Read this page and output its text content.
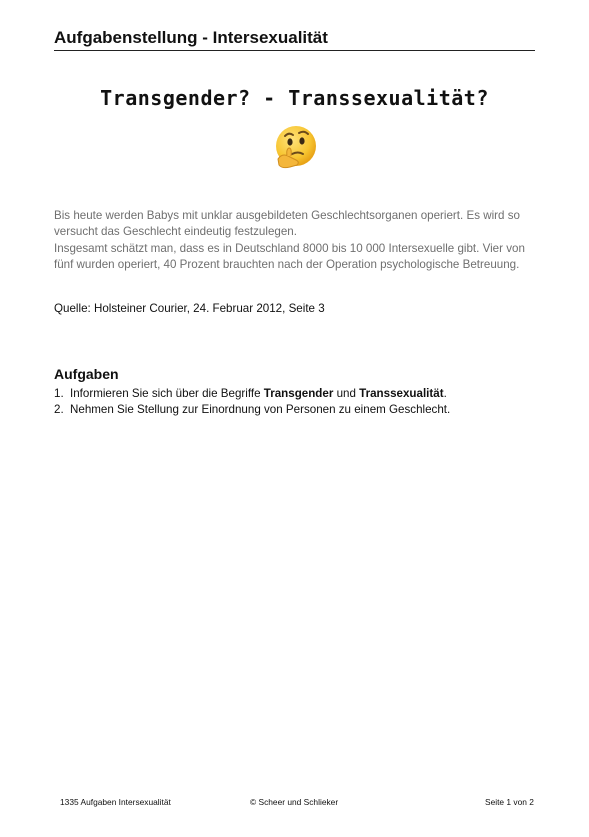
Aufgabenstellung - Intersexualität
Transgender? - Transsexualität?

Bis heute werden Babys mit unklar ausgebildeten Geschlechtsorganen operiert. Es wird so versucht das Geschlecht eindeutig festzulegen.

Insgesamt schätzt man, dass es in Deutschland 8000 bis 10 000 Intersexuelle gibt. Vier von fünf wurden operiert, 40 Prozent brauchten nach der Operation psychologische Betreuung.

Quelle: Holsteiner Courier, 24. Februar 2012, Seite 3
Aufgaben
1. Informieren Sie sich über die Begriffe Transgender und Transsexualität.
2. Nehmen Sie Stellung zur Einordnung von Personen zu einem Geschlecht.
1335 Aufgaben Intersexualität	© Scheer und Schlieker	Seite 1 von 2
